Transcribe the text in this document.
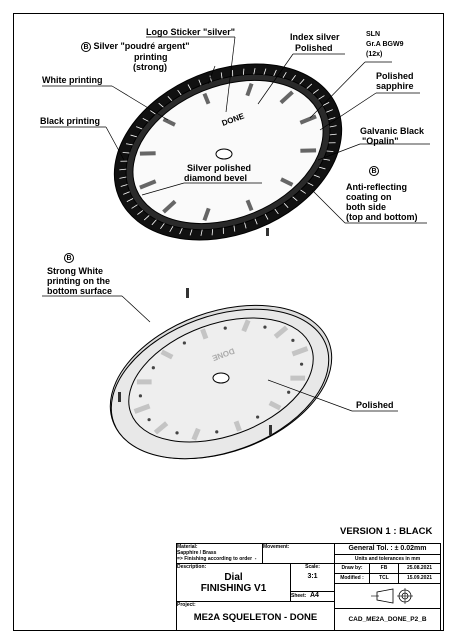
DONE
DONE
Logo Sticker "silver"
B Silver "poudré argent"
printing
(strong)
Index silver
Polished
SLN
Gr.A BGW9
(12x)
White printing	Polished
sapphire
Black printing
Galvanic Black
"Opalin"
Silver polished
diamond bevel
B
Anti-reflecting
coating on
both side
(top and bottom)
B
Strong White
printing on the
bottom surface
Polished
VERSION 1 : BLACK
Material:
Sapphire / Brass
=> Finishing according to order -
Movement:	General Tol. : ± 0.02mm
Units and tolerances in mm
Description:
Dial
FINISHING V1
Scale:
3:1
Sheet: A4
Draw by:	FB	25.08.2021
Modified :	TCL	15.09.2021
Project:
ME2A SQUELETON - DONE	CAD_ME2A_DONE_P2_B
